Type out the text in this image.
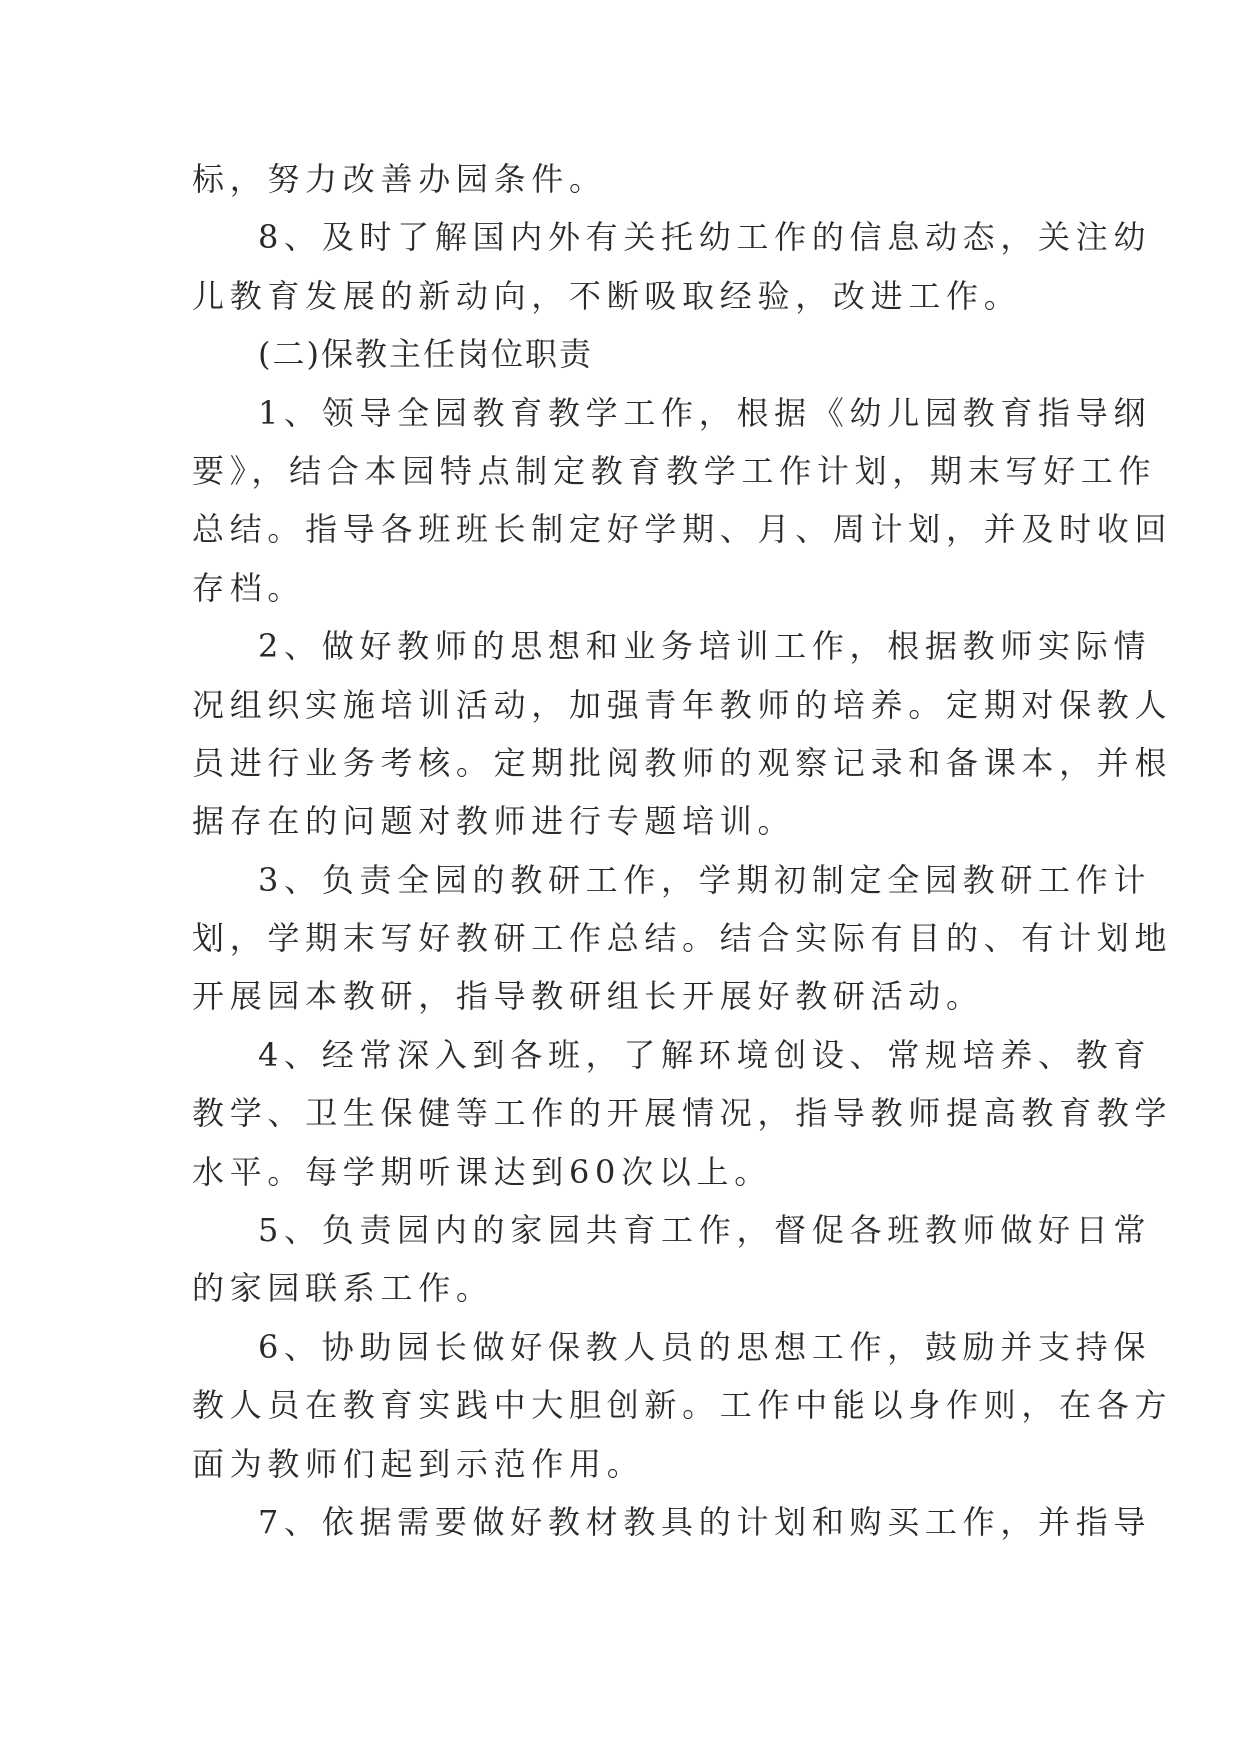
标，努力改善办园条件。
8、及时了解国内外有关托幼工作的信息动态，关注幼
儿教育发展的新动向，不断吸取经验，改进工作。
(二)保教主任岗位职责
1、领导全园教育教学工作，根据《幼儿园教育指导纲
要》，结合本园特点制定教育教学工作计划，期末写好工作
总结。指导各班班长制定好学期、月、周计划，并及时收回
存档。
2、做好教师的思想和业务培训工作，根据教师实际情
况组织实施培训活动，加强青年教师的培养。定期对保教人
员进行业务考核。定期批阅教师的观察记录和备课本，并根
据存在的问题对教师进行专题培训。
3、负责全园的教研工作，学期初制定全园教研工作计
划，学期末写好教研工作总结。结合实际有目的、有计划地
开展园本教研，指导教研组长开展好教研活动。
4、经常深入到各班，了解环境创设、常规培养、教育
教学、卫生保健等工作的开展情况，指导教师提高教育教学
水平。每学期听课达到60次以上。
5、负责园内的家园共育工作，督促各班教师做好日常
的家园联系工作。
6、协助园长做好保教人员的思想工作，鼓励并支持保
教人员在教育实践中大胆创新。工作中能以身作则，在各方
面为教师们起到示范作用。
7、依据需要做好教材教具的计划和购买工作，并指导
